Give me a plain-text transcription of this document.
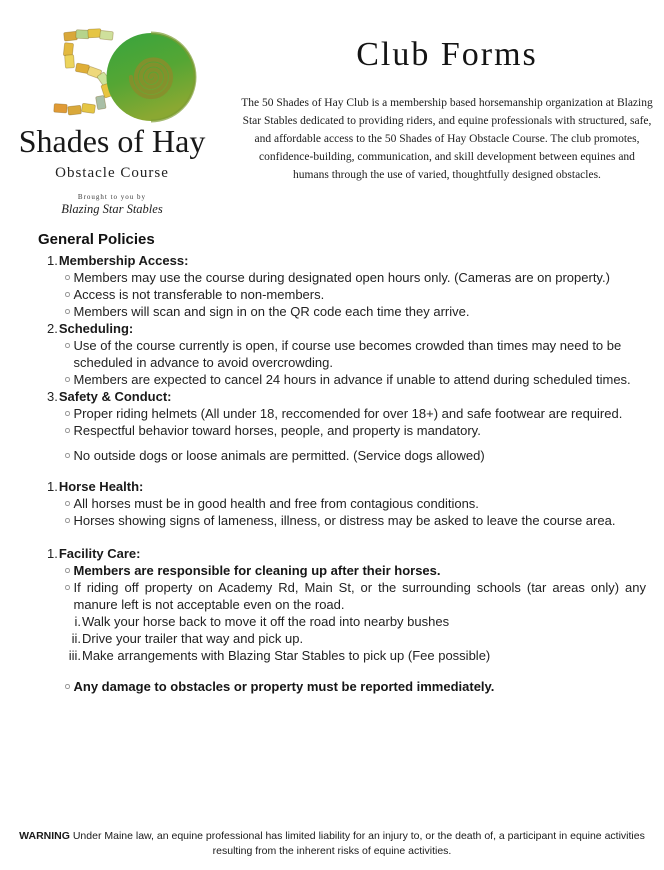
Shades of Hay
Obstacle Course
Brought to you by
Blazing Star Stables
Club Forms
The 50 Shades of Hay Club is a membership based horsemanship organization at Blazing Star Stables dedicated to providing riders, and equine professionals with structured, safe, and affordable access to the 50 Shades of Hay Obstacle Course. The club promotes, confidence-building, communication, and skill development between equines and humans through the use of varied, thoughtfully designed obstacles.
General Policies
1. Membership Access:
Members may use the course during designated open hours only. (Cameras are on property.)
Access is not transferable to non-members.
Members will scan and sign in on the QR code each time they arrive.
2. Scheduling:
Use of the course currently is open, if course use becomes crowded than times may need to be scheduled in advance to avoid overcrowding.
Members are expected to cancel 24 hours in advance if unable to attend during scheduled times.
3. Safety & Conduct:
Proper riding helmets (All under 18, reccomended for over 18+) and safe footwear are required.
Respectful behavior toward horses, people, and property is mandatory.
No outside dogs or loose animals are permitted. (Service dogs allowed)
1. Horse Health:
All horses must be in good health and free from contagious conditions.
Horses showing signs of lameness, illness, or distress may be asked to leave the course area.
1. Facility Care:
Members are responsible for cleaning up after their horses.
If riding off property on Academy Rd, Main St, or the surrounding schools (tar areas only) any manure left is not acceptable even on the road.
i. Walk your horse back to move it off the road into nearby bushes
ii. Drive your trailer that way and pick up.
iii. Make arrangements with Blazing Star Stables to pick up (Fee possible)
Any damage to obstacles or property must be reported immediately.
WARNING Under Maine law, an equine professional has limited liability for an injury to, or the death of, a participant in equine activities resulting from the inherent risks of equine activities.
